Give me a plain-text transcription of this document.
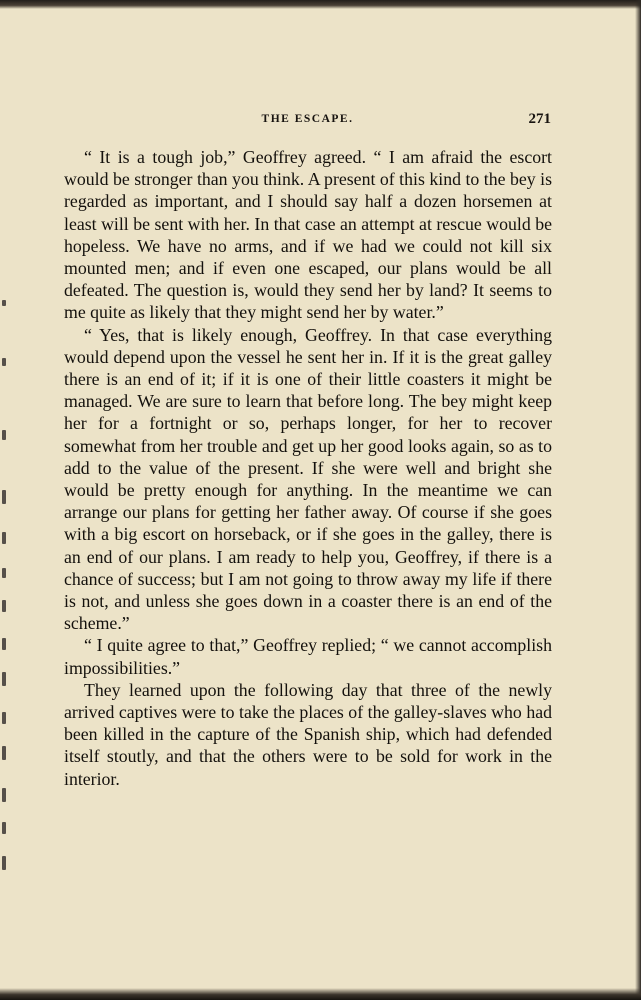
THE ESCAPE.	271

“ It is a tough job,” Geoffrey agreed. “ I am afraid the escort would be stronger than you think. A present of this kind to the bey is regarded as important, and I should say half a dozen horsemen at least will be sent with her. In that case an attempt at rescue would be hopeless. We have no arms, and if we had we could not kill six mounted men; and if even one escaped, our plans would be all defeated. The question is, would they send her by land? It seems to me quite as likely that they might send her by water.”

“ Yes, that is likely enough, Geoffrey. In that case everything would depend upon the vessel he sent her in. If it is the great galley there is an end of it; if it is one of their little coasters it might be managed. We are sure to learn that before long. The bey might keep her for a fortnight or so, perhaps longer, for her to recover somewhat from her trouble and get up her good looks again, so as to add to the value of the present. If she were well and bright she would be pretty enough for anything. In the meantime we can arrange our plans for getting her father away. Of course if she goes with a big escort on horseback, or if she goes in the galley, there is an end of our plans. I am ready to help you, Geoffrey, if there is a chance of success; but I am not going to throw away my life if there is not, and unless she goes down in a coaster there is an end of the scheme.”

“ I quite agree to that,” Geoffrey replied; “ we cannot accomplish impossibilities.”

They learned upon the following day that three of the newly arrived captives were to take the places of the galley-slaves who had been killed in the capture of the Spanish ship, which had defended itself stoutly, and that the others were to be sold for work in the interior.
